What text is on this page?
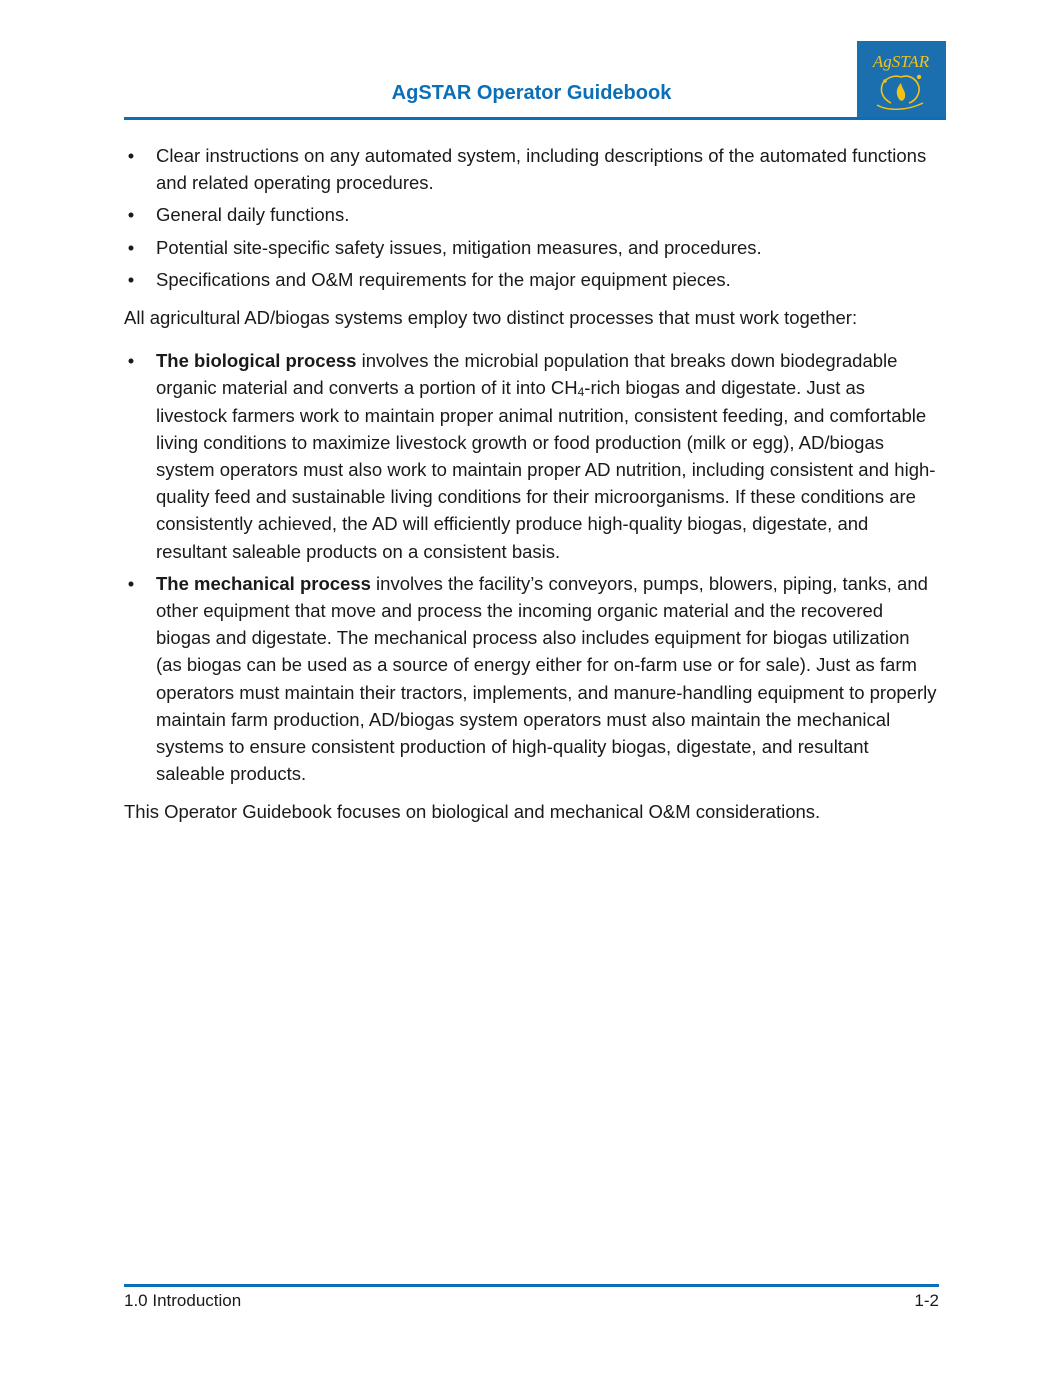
AgSTAR Operator Guidebook
AgSTAR
• Clear instructions on any automated system, including descriptions of the automated functions and related operating procedures.
• General daily functions.
• Potential site-specific safety issues, mitigation measures, and procedures.
• Specifications and O&M requirements for the major equipment pieces.

All agricultural AD/biogas systems employ two distinct processes that must work together:

• The biological process involves the microbial population that breaks down biodegradable organic material and converts a portion of it into $CH_4$-rich biogas and digestate. Just as livestock farmers work to maintain proper animal nutrition, consistent feeding, and comfortable living conditions to maximize livestock growth or food production (milk or egg), AD/biogas system operators must also work to maintain proper AD nutrition, including consistent and high-quality feed and sustainable living conditions for their microorganisms. If these conditions are consistently achieved, the AD will efficiently produce high-quality biogas, digestate, and resultant saleable products on a consistent basis.
• The mechanical process involves the facility’s conveyors, pumps, blowers, piping, tanks, and other equipment that move and process the incoming organic material and the recovered biogas and digestate. The mechanical process also includes equipment for biogas utilization (as biogas can be used as a source of energy either for on-farm use or for sale). Just as farm operators must maintain their tractors, implements, and manure-handling equipment to properly maintain farm production, AD/biogas system operators must also maintain the mechanical systems to ensure consistent production of high-quality biogas, digestate, and resultant saleable products.

This Operator Guidebook focuses on biological and mechanical O&M considerations.

1.0 Introduction	1-2
